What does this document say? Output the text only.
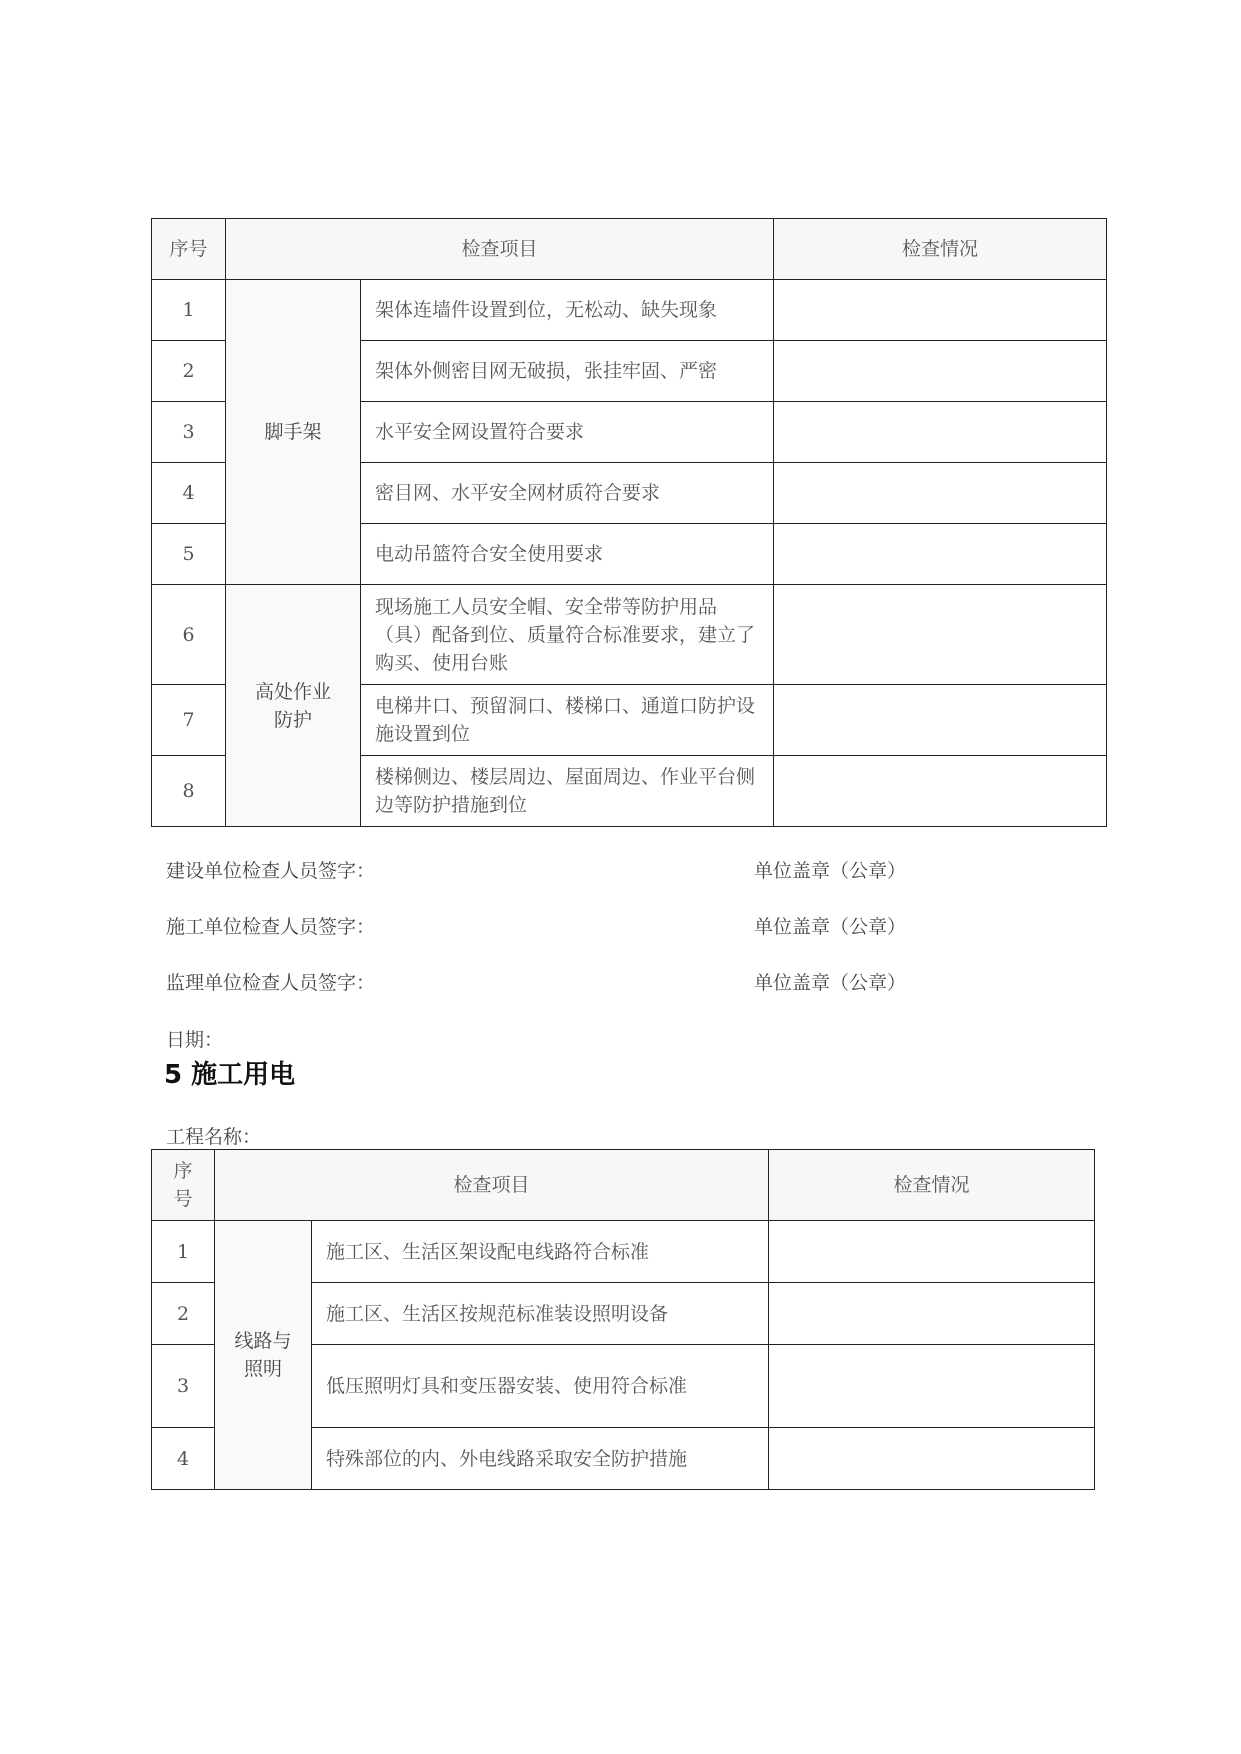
序号	检查项目		检查情况
1	脚手架	架体连墙件设置到位，无松动、缺失现象	
2		架体外侧密目网无破损，张挂牢固、严密	
3		水平安全网设置符合要求	
4		密目网、水平安全网材质符合要求	
5		电动吊篮符合安全使用要求	
6	高处作业防护	现场施工人员安全帽、安全带等防护用品（具）配备到位、质量符合标准要求，建立了购买、使用台账	
7		电梯井口、预留洞口、楼梯口、通道口防护设施设置到位	
8		楼梯侧边、楼层周边、屋面周边、作业平台侧边等防护措施到位	
建设单位检查人员签字：	单位盖章（公章）
施工单位检查人员签字：	单位盖章（公章）
监理单位检查人员签字：	单位盖章（公章）
日期：
5 施工用电
工程名称：
序号	检查项目		检查情况
1	线路与照明	施工区、生活区架设配电线路符合标准	
2		施工区、生活区按规范标准装设照明设备	
3		低压照明灯具和变压器安装、使用符合标准	
4		特殊部位的内、外电线路采取安全防护措施	
